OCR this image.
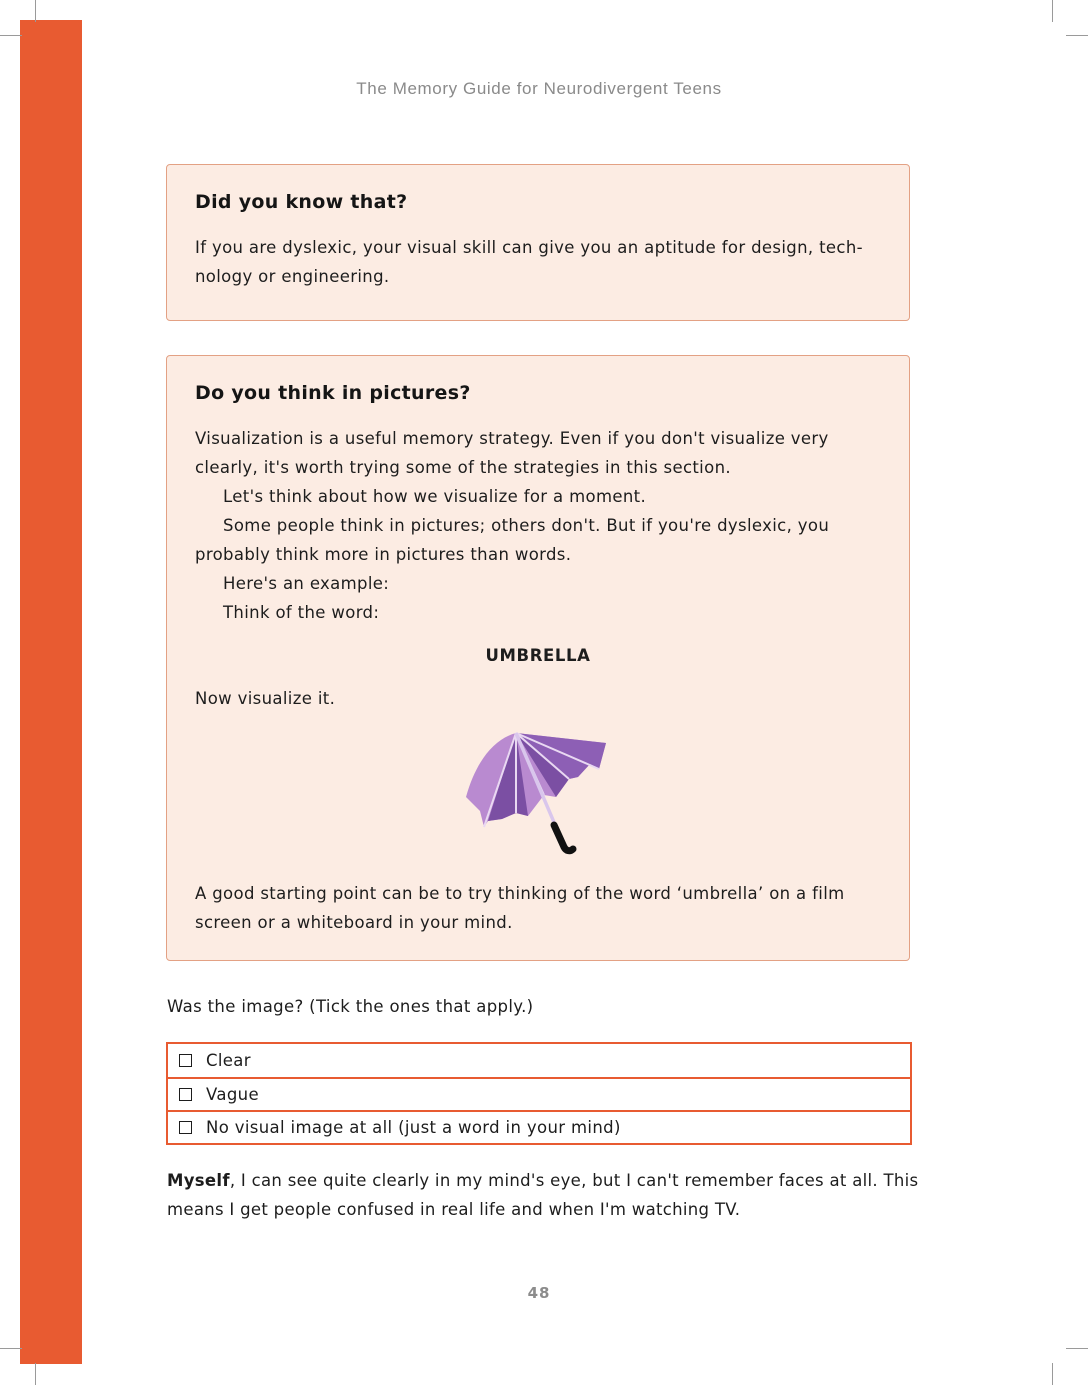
The Memory Guide for Neurodivergent Teens
Did you know that?
If you are dyslexic, your visual skill can give you an aptitude for design, technology or engineering.
Do you think in pictures?
Visualization is a useful memory strategy. Even if you don't visualize very clearly, it's worth trying some of the strategies in this section.
Let's think about how we visualize for a moment.
Some people think in pictures; others don't. But if you're dyslexic, you probably think more in pictures than words.
Here's an example:
Think of the word:
UMBRELLA
Now visualize it.
A good starting point can be to try thinking of the word ‘umbrella’ on a film screen or a whiteboard in your mind.
Was the image? (Tick the ones that apply.)
Clear
Vague
No visual image at all (just a word in your mind)
Myself, I can see quite clearly in my mind's eye, but I can't remember faces at all. This means I get people confused in real life and when I'm watching TV.
48
